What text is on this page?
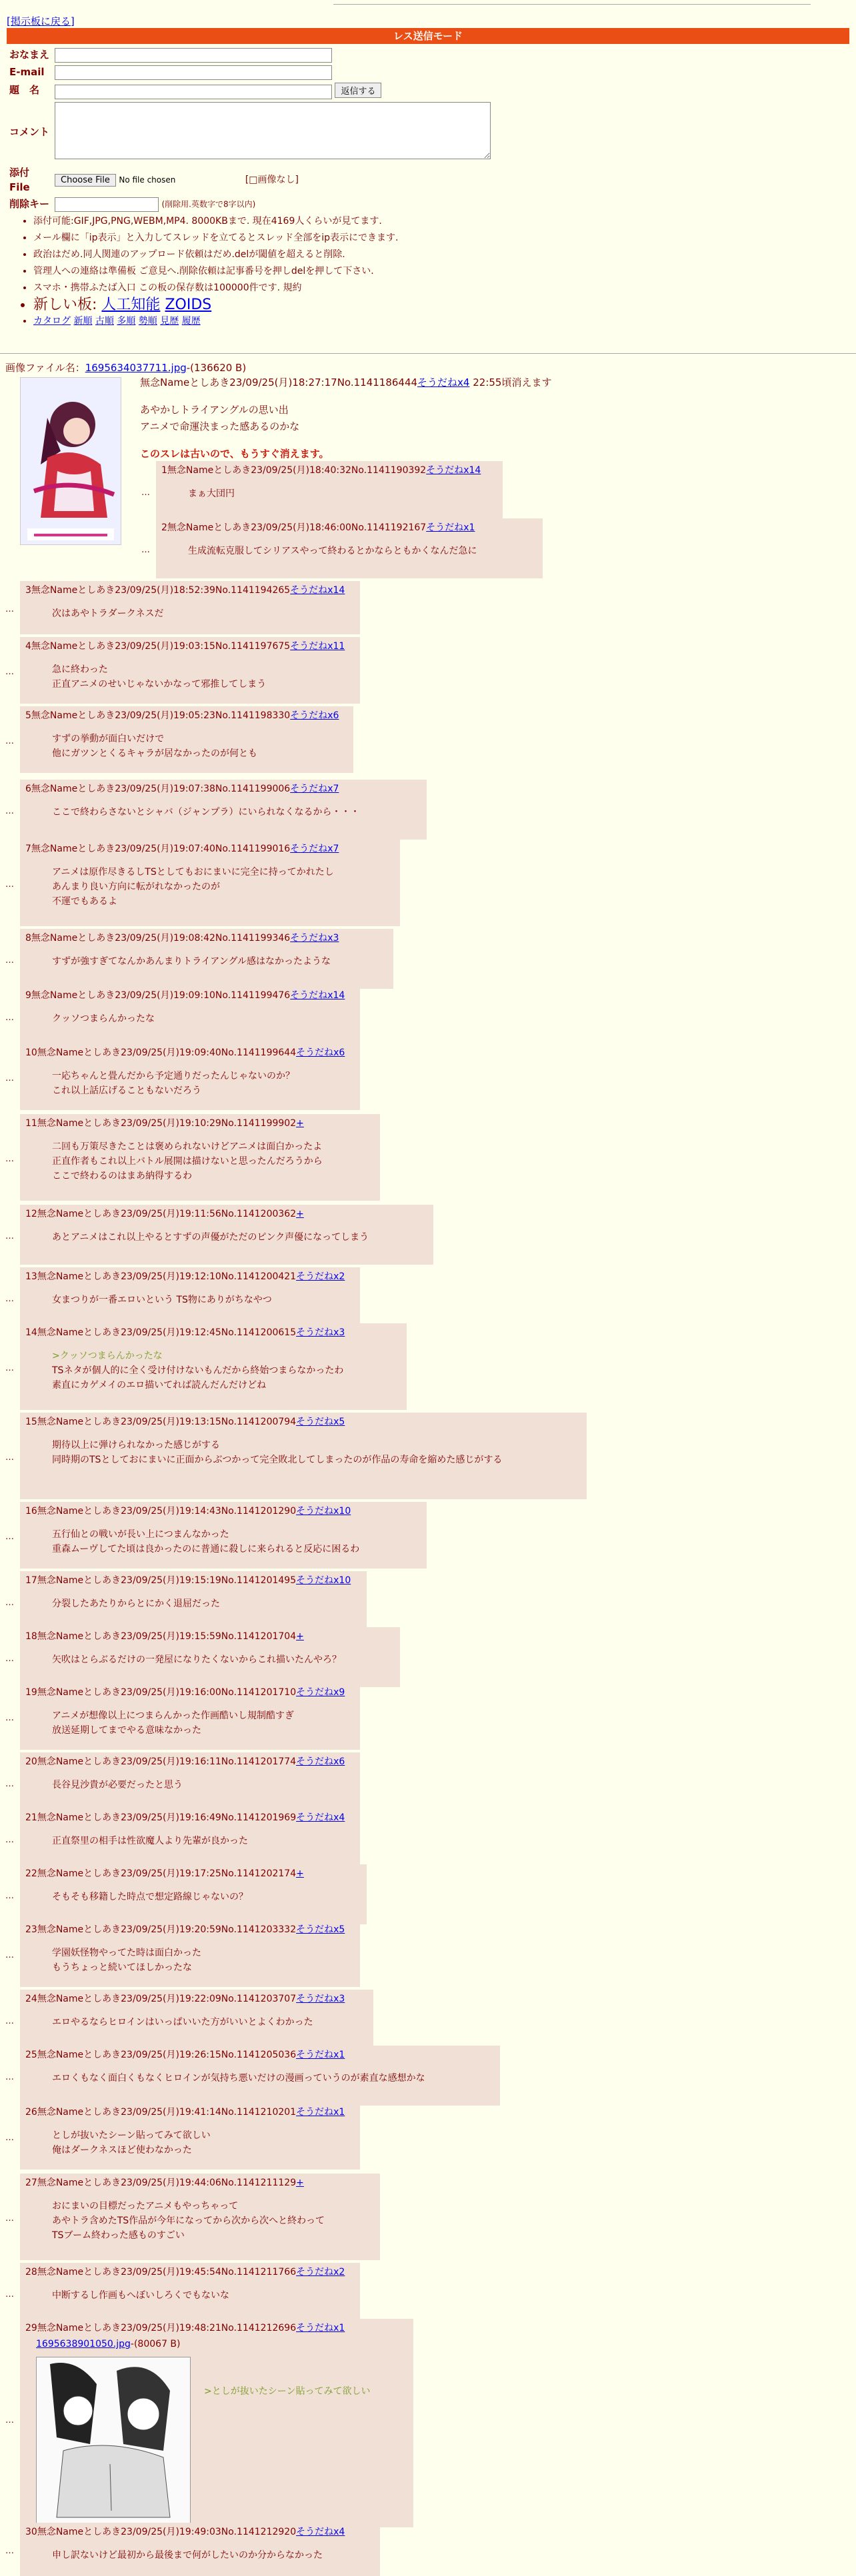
[掲示板に戻る]
レス送信モード
おなまえ	
E-mail	
題　名	返信する
コメント	
添付File	Choose File No file chosen [□画像なし]
削除キー	(削除用.英数字で8字以内)
• 添付可能:GIF,JPG,PNG,WEBM,MP4. 8000KBまで. 現在4169人くらいが見てます.
• メール欄に「ip表示」と入力してスレッドを立てるとスレッド全部をip表示にできます.
• 政治はだめ.同人関連のアップロード依頼はだめ.delが閾値を超えると削除.
• 管理人への連絡は準備板 ご意見へ.削除依頼は記事番号を押しdelを押して下さい.
• スマホ・携帯ふたば入口 この板の保存数は100000件です. 規約
• 新しい板: 人工知能 ZOIDS
• カタログ 新順 古順 多順 勢順 見歴 履歴
画像ファイル名：1695634037711.jpg-(136620 B)
無念Nameとしあき23/09/25(月)18:27:17No.1141186444そうだねx4 22:55頃消えます
あやかしトライアングルの思い出
アニメで命運決まった感あるのかな
このスレは古いので、もうすぐ消えます。
1無念Nameとしあき23/09/25(月)18:40:32No.1141190392そうだねx14
まぁ大団円
…
2無念Nameとしあき23/09/25(月)18:46:00No.1141192167そうだねx1
生成流転克服してシリアスやって終わるとかならともかくなんだ急に
…
3無念Nameとしあき23/09/25(月)18:52:39No.1141194265そうだねx14
次はあやトラダークネスだ
…
4無念Nameとしあき23/09/25(月)19:03:15No.1141197675そうだねx11
急に終わった
正直アニメのせいじゃないかなって邪推してしまう
…
5無念Nameとしあき23/09/25(月)19:05:23No.1141198330そうだねx6
すずの挙動が面白いだけで
他にガツンとくるキャラが居なかったのが何とも
…
6無念Nameとしあき23/09/25(月)19:07:38No.1141199006そうだねx7
ここで終わらさないとシャバ（ジャンプラ）にいられなくなるから・・・
…
7無念Nameとしあき23/09/25(月)19:07:40No.1141199016そうだねx7
アニメは原作尽きるしTSとしてもおにまいに完全に持ってかれたし
あんまり良い方向に転がれなかったのが
不運でもあるよ
…
8無念Nameとしあき23/09/25(月)19:08:42No.1141199346そうだねx3
すずが強すぎてなんかあんまりトライアングル感はなかったような
…
9無念Nameとしあき23/09/25(月)19:09:10No.1141199476そうだねx14
クッソつまらんかったな
…
10無念Nameとしあき23/09/25(月)19:09:40No.1141199644そうだねx6
一応ちゃんと畳んだから予定通りだったんじゃないのか？
これ以上話広げることもないだろう
…
11無念Nameとしあき23/09/25(月)19:10:29No.1141199902+
二回も万策尽きたことは褒められないけどアニメは面白かったよ
正直作者もこれ以上バトル展開は描けないと思ったんだろうから
ここで終わるのはまあ納得するわ
…
12無念Nameとしあき23/09/25(月)19:11:56No.1141200362+
あとアニメはこれ以上やるとすずの声優がただのピンク声優になってしまう
…
13無念Nameとしあき23/09/25(月)19:12:10No.1141200421そうだねx2
女まつりが一番エロいという TS物にありがちなやつ
…
14無念Nameとしあき23/09/25(月)19:12:45No.1141200615そうだねx3
>クッソつまらんかったな
TSネタが個人的に全く受け付けないもんだから終始つまらなかったわ
素直にカゲメイのエロ描いてれば読んだんだけどね
…
15無念Nameとしあき23/09/25(月)19:13:15No.1141200794そうだねx5
期待以上に弾けられなかった感じがする
同時期のTSとしておにまいに正面からぶつかって完全敗北してしまったのが作品の寿命を縮めた感じがする
…
16無念Nameとしあき23/09/25(月)19:14:43No.1141201290そうだねx10
五行仙との戦いが長い上につまんなかった
重森ムーヴしてた頃は良かったのに普通に殺しに来られると反応に困るわ
…
17無念Nameとしあき23/09/25(月)19:15:19No.1141201495そうだねx10
分裂したあたりからとにかく退屈だった
…
18無念Nameとしあき23/09/25(月)19:15:59No.1141201704+
矢吹はとらぶるだけの一発屋になりたくないからこれ描いたんやろ？
…
19無念Nameとしあき23/09/25(月)19:16:00No.1141201710そうだねx9
アニメが想像以上につまらんかった作画酷いし規制酷すぎ
放送延期してまでやる意味なかった
…
20無念Nameとしあき23/09/25(月)19:16:11No.1141201774そうだねx6
長谷見沙貴が必要だったと思う
…
21無念Nameとしあき23/09/25(月)19:16:49No.1141201969そうだねx4
正直祭里の相手は性欲魔人より先輩が良かった
…
22無念Nameとしあき23/09/25(月)19:17:25No.1141202174+
そもそも移籍した時点で想定路線じゃないの？
…
23無念Nameとしあき23/09/25(月)19:20:59No.1141203332そうだねx5
学園妖怪物やってた時は面白かった
もうちょっと続いてほしかったな
…
24無念Nameとしあき23/09/25(月)19:22:09No.1141203707そうだねx3
エロやるならヒロインはいっぱいいた方がいいとよくわかった
…
25無念Nameとしあき23/09/25(月)19:26:15No.1141205036そうだねx1
エロくもなく面白くもなくヒロインが気持ち悪いだけの漫画っていうのが素直な感想かな
…
26無念Nameとしあき23/09/25(月)19:41:14No.1141210201そうだねx1
としが抜いたシーン貼ってみて欲しい
俺はダークネスほど使わなかった
…
27無念Nameとしあき23/09/25(月)19:44:06No.1141211129+
おにまいの目標だったアニメもやっちゃって
あやトラ含めたTS作品が今年になってから次から次へと終わって
TSブーム終わった感ものすごい
…
28無念Nameとしあき23/09/25(月)19:45:54No.1141211766そうだねx2
中断するし作画もへぼいしろくでもないな
…
29無念Nameとしあき23/09/25(月)19:48:21No.1141212696そうだねx1
1695638901050.jpg-(80067 B)
>としが抜いたシーン貼ってみて欲しい
…
30無念Nameとしあき23/09/25(月)19:49:03No.1141212920そうだねx4
申し訳ないけど最初から最後まで何がしたいのか分からなかった
…
